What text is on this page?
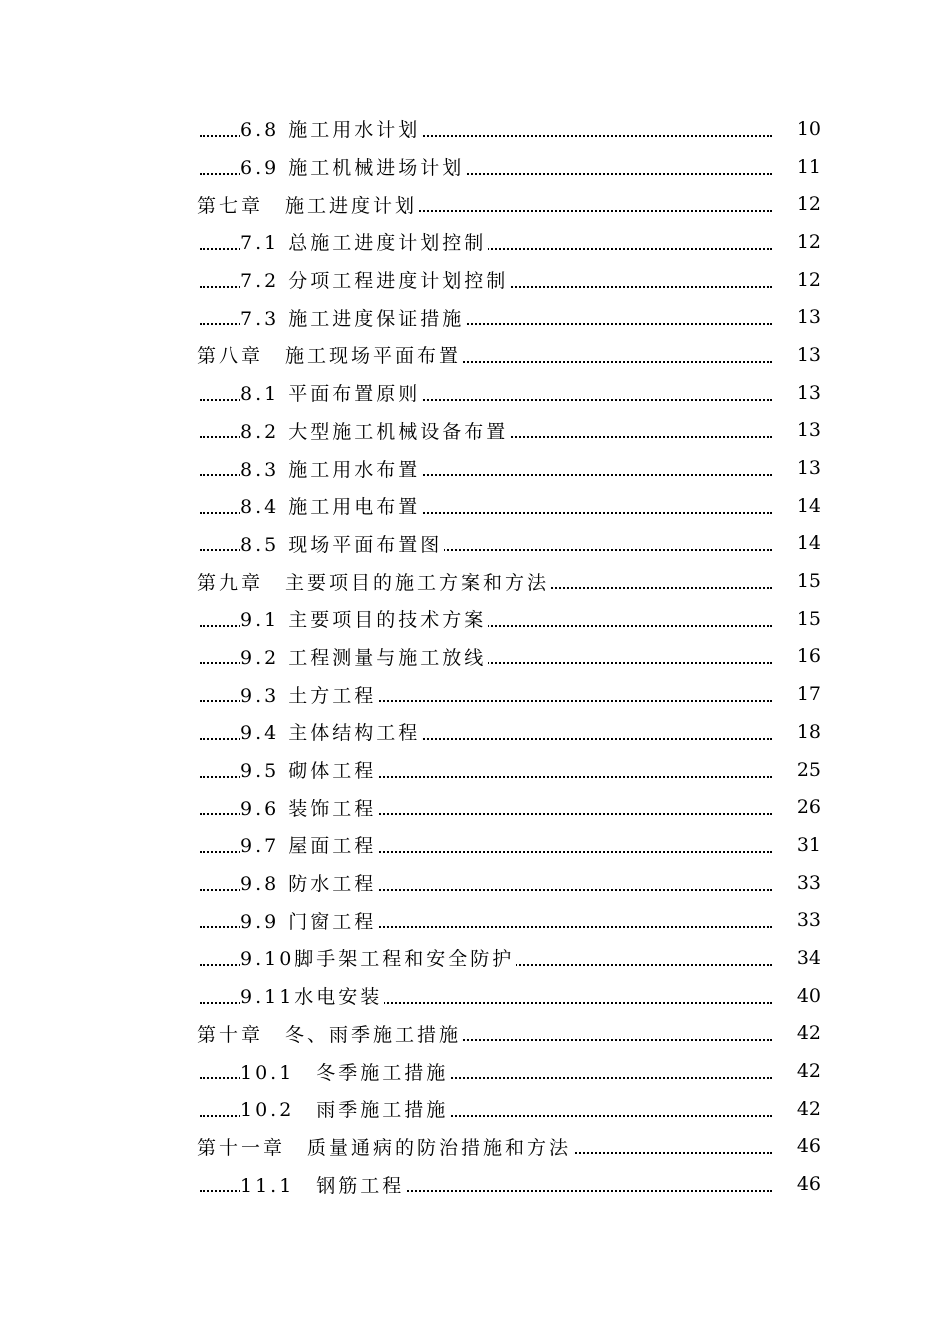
6.8 施工用水计划	10
6.9 施工机械进场计划	11
第七章　施工进度计划	12
7.1 总施工进度计划控制	12
7.2 分项工程进度计划控制	12
7.3 施工进度保证措施	13
第八章　施工现场平面布置	13
8.1 平面布置原则	13
8.2 大型施工机械设备布置	13
8.3 施工用水布置	13
8.4 施工用电布置	14
8.5 现场平面布置图	14
第九章　主要项目的施工方案和方法	15
9.1 主要项目的技术方案	15
9.2 工程测量与施工放线	16
9.3 土方工程	17
9.4 主体结构工程	18
9.5 砌体工程	25
9.6 装饰工程	26
9.7 屋面工程	31
9.8 防水工程	33
9.9 门窗工程	33
9.10脚手架工程和安全防护	34
9.11水电安装	40
第十章　冬、雨季施工措施	42
10.1　冬季施工措施	42
10.2　雨季施工措施	42
第十一章　质量通病的防治措施和方法	46
11.1　钢筋工程	46
